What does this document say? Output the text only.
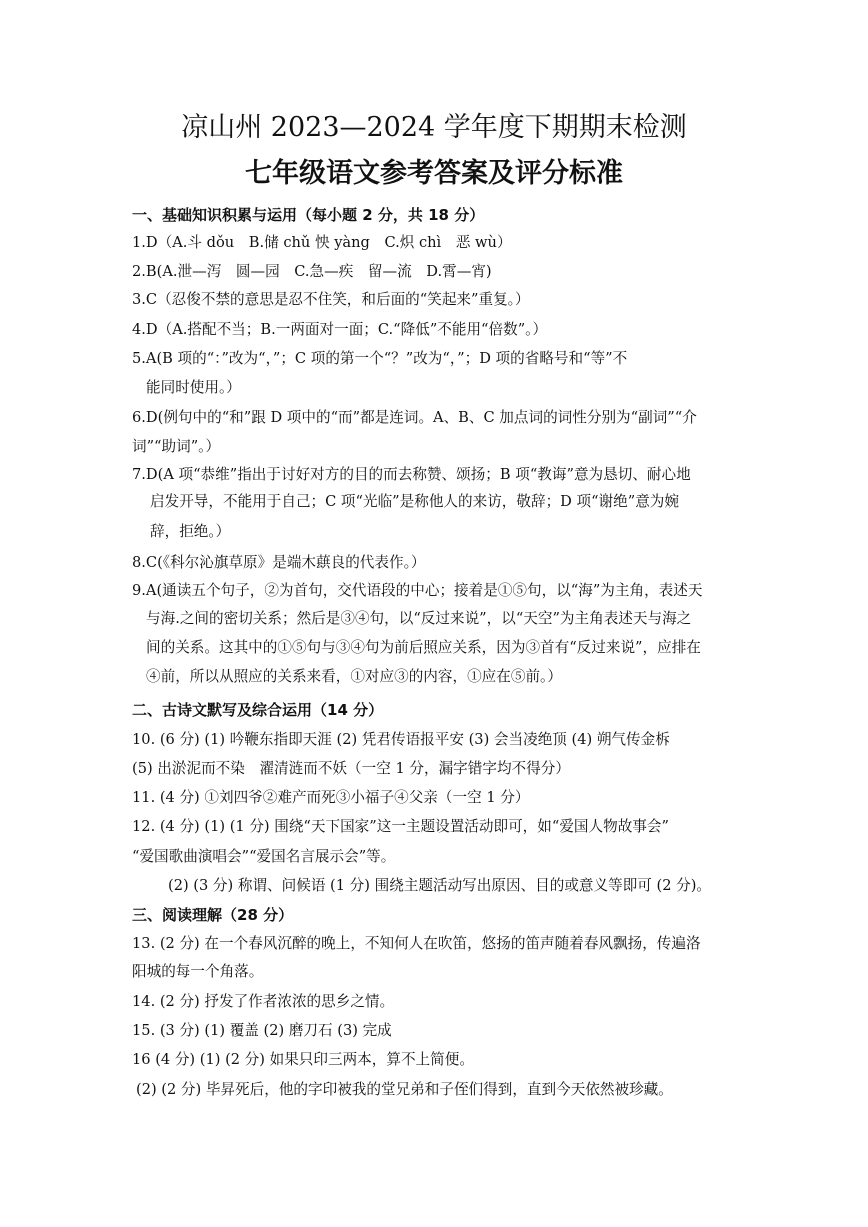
凉山州 2023—2024 学年度下期期末检测
七年级语文参考答案及评分标准
一、基础知识积累与运用（每小题 2 分，共 18 分）
1.D（A.斗 dǒu　B.储 chǔ 怏 yàng　C.炽 chì　恶 wù）
2.B(A.泄—泻　圆—园　C.急—疾　留—流　D.霄—宵)
3.C（忍俊不禁的意思是忍不住笑，和后面的“笑起来”重复。）
4.D（A.搭配不当；B.一两面对一面；C.“降低”不能用“倍数”。）
5.A(B 项的“：”改为“，”；C 项的第一个“？”改为“，”；D 项的省略号和“等”不
能同时使用。）
6.D(例句中的“和”跟 D 项中的“而”都是连词。A、B、C 加点词的词性分别为“副词”“介
词”“助词”。）
7.D(A 项“恭维”指出于讨好对方的目的而去称赞、颂扬；B 项“教诲”意为恳切、耐心地
启发开导，不能用于自己；C 项“光临”是称他人的来访，敬辞；D 项“谢绝”意为婉
辞，拒绝。）
8.C(《科尔沁旗草原》是端木蕻良的代表作。）
9.A(通读五个句子，②为首句，交代语段的中心；接着是①⑤句，以“海”为主角，表述天
与海.之间的密切关系；然后是③④句，以“反过来说”，以“天空”为主角表述天与海之
间的关系。这其中的①⑤句与③④句为前后照应关系，因为③首有“反过来说”，应排在
④前，所以从照应的关系来看，①对应③的内容，①应在⑤前。）
二、古诗文默写及综合运用（14 分）
10. (6 分) (1) 吟鞭东指即天涯 (2) 凭君传语报平安 (3) 会当凌绝顶 (4) 朔气传金柝
(5) 出淤泥而不染　濯清涟而不妖（一空 1 分，漏字错字均不得分）
11. (4 分) ①刘四爷②难产而死③小福子④父亲（一空 1 分）
12. (4 分) (1) (1 分) 围绕“天下国家”这一主题设置活动即可，如“爱国人物故事会”
“爱国歌曲演唱会”“爱国名言展示会”等。
(2) (3 分) 称谓、问候语 (1 分) 围绕主题活动写出原因、目的或意义等即可 (2 分)。
三、阅读理解（28 分）
13. (2 分) 在一个春风沉醉的晚上，不知何人在吹笛，悠扬的笛声随着春风飘扬，传遍洛
阳城的每一个角落。
14. (2 分) 抒发了作者浓浓的思乡之情。
15. (3 分) (1) 覆盖 (2) 磨刀石 (3) 完成
16 (4 分) (1) (2 分) 如果只印三两本，算不上简便。
(2) (2 分) 毕昇死后，他的字印被我的堂兄弟和子侄们得到，直到今天依然被珍藏。
